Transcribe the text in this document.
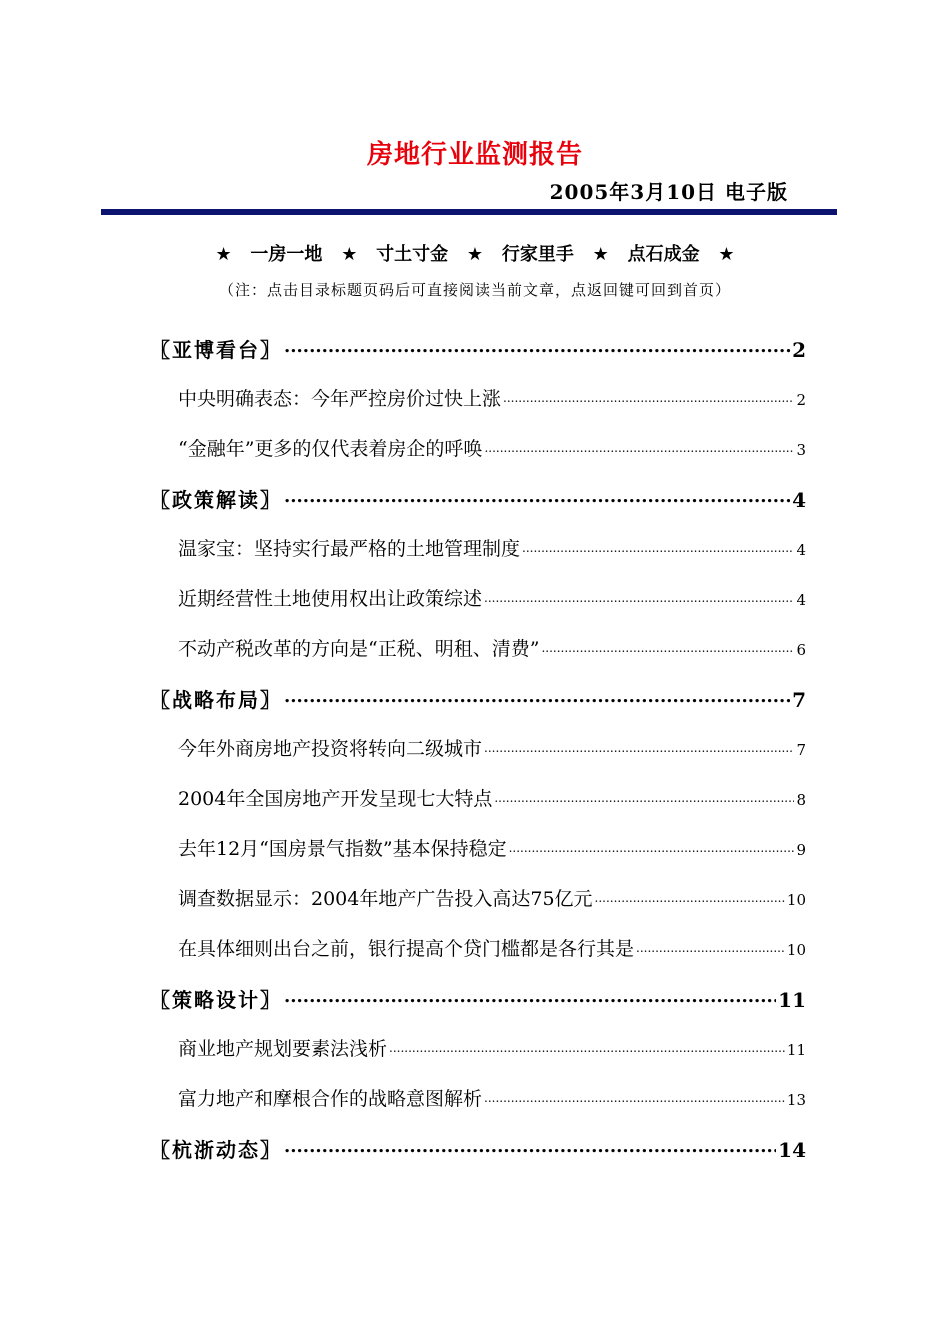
房地行业监测报告
2005年3月10日 电子版
★   一房一地   ★   寸土寸金   ★   行家里手   ★   点石成金   ★
（注：点击目录标题页码后可直接阅读当前文章，点返回键可回到首页）
〖亚博看台〗 .....	2
中央明确表态：今年严控房价过快上涨 .....	2
“金融年”更多的仅代表着房企的呼唤 .....	3
〖政策解读〗 .....	4
温家宝：坚持实行最严格的土地管理制度 .....	4
近期经营性土地使用权出让政策综述 .....	4
不动产税改革的方向是“正税、明租、清费” .....	6
〖战略布局〗 .....	7
今年外商房地产投资将转向二级城市 .....	7
2004年全国房地产开发呈现七大特点 .....	8
去年12月“国房景气指数”基本保持稳定 .....	9
调查数据显示：2004年地产广告投入高达75亿元 .....	10
在具体细则出台之前，银行提高个贷门槛都是各行其是 .....	10
〖策略设计〗 .....	11
商业地产规划要素法浅析 .....	11
富力地产和摩根合作的战略意图解析 .....	13
〖杭浙动态〗 .....	14
